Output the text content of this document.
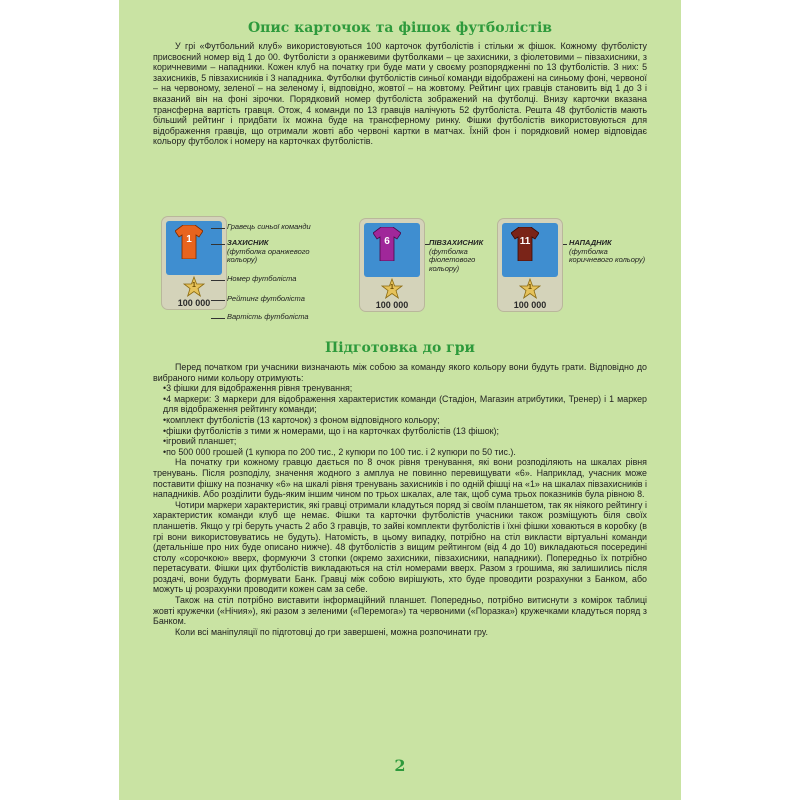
Опис карточок та фішок футболістів

У грі «Футбольний клуб» використовуються 100 карточок футболістів і стільки ж фішок. Кожному футболісту присвоєний номер від 1 до 00. Футболісти з оранжевими футболками – це захисники, з фіолетовими – півзахисники, з коричневими – нападники. Кожен клуб на початку гри буде мати у своєму розпорядженні по 13 футболістів. З них: 5 захисників, 5 півзахисників і 3 нападника. Футболки футболістів синьої команди відображені на синьому фоні, червоної – на червоному, зеленої – на зеленому і, відповідно, жовтої – на жовтому. Рейтинг цих гравців становить від 1 до 3 і вказаний він на фоні зірочки. Порядковий номер футболіста зображений на футболці. Внизу карточки вказана трансферна вартість гравця. Отож, 4 команди по 13 гравців налічують 52 футболіста. Решта 48 футболістів мають більший рейтинг і придбати їх можна буде на трансферному ринку. Фішки футболістів використовуються для відображення гравців, що отримали жовті або червоні картки в матчах. Їхній фон і порядковий номер відповідає кольору футболок і номеру на карточках футболістів.

1
1
100 000
6
1
100 000
11
1
100 000
Гравець синьої команди
ЗАХИСНИК
(футболка оранжевого кольору)
Номер футболіста
Рейтинг футболіста
Вартість футболіста
ПІВЗАХИСНИК
(футболка фіолетового кольору)
НАПАДНИК
(футболка коричневого кольору)
Підготовка до гри

Перед початком гри учасники визначають між собою за команду якого кольору вони будуть грати. Відповідно до вибраного ними кольору отримують:

• 3 фішки для відображення рівня тренування;
• 4 маркери: 3 маркери для відображення характеристик команди (Стадіон, Магазин атрибутики, Тренер) і 1 маркер для відображення рейтингу команди;
• комплект футболістів (13 карточок) з фоном відповідного кольору;
• фішки футболістів з тими ж номерами, що і на карточках футболістів (13 фішок);
• ігровий планшет;
• по 500 000 грошей (1 купюра по 200 тис., 2 купюри по 100 тис. і 2 купюри по 50 тис.).

На початку гри кожному гравцю дається по 8 очок рівня тренування, які вони розподіляють на шкалах рівня тренувань. Після розподілу, значення жодного з амплуа не повинно перевищувати «6». Наприклад, учасник може поставити фішку на позначку «6» на шкалі рівня тренувань захисників і по одній фішці на «1» на шкалах півзахисників і нападників. Або розділити будь-яким іншим чином по трьох шкалах, але так, щоб сума трьох показників була рівною 8.

Чотири маркери характеристик, які гравці отримали кладуться поряд зі своїм планшетом, так як ніякого рейтингу і характеристик команди клуб ще немає. Фішки та карточки футболістів учасники також розміщують біля своїх планшетів. Якщо у грі беруть участь 2 або 3 гравців, то зайві комплекти футболістів і їхні фішки ховаються в коробку (в грі вони використовуватись не будуть). Натомість, в цьому випадку, потрібно на стіл викласти віртуальні команди (детальніше про них буде описано нижче). 48 футболістів з вищим рейтингом (від 4 до 10) викладаються посередині столу «сорочкою» вверх, формуючи 3 стопки (окремо захисники, півзахисники, нападники). Попередньо їх потрібно перетасувати. Фішки цих футболістів викладаються на стіл номерами вверх. Разом з грошима, які залишились після роздачі, вони будуть формувати Банк. Гравці між собою вирішують, хто буде проводити розрахунки з Банком, або можуть ці розрахунки проводити кожен сам за себе.

Також на стіл потрібно виставити інформаційний планшет. Попередньо, потрібно витиснути з комірок таблиці жовті кружечки («Нічия»), які разом з зеленими («Перемога») та червоними («Поразка») кружечками кладуться поряд з Банком.

Коли всі маніпуляції по підготовці до гри завершені, можна розпочинати гру.

2
